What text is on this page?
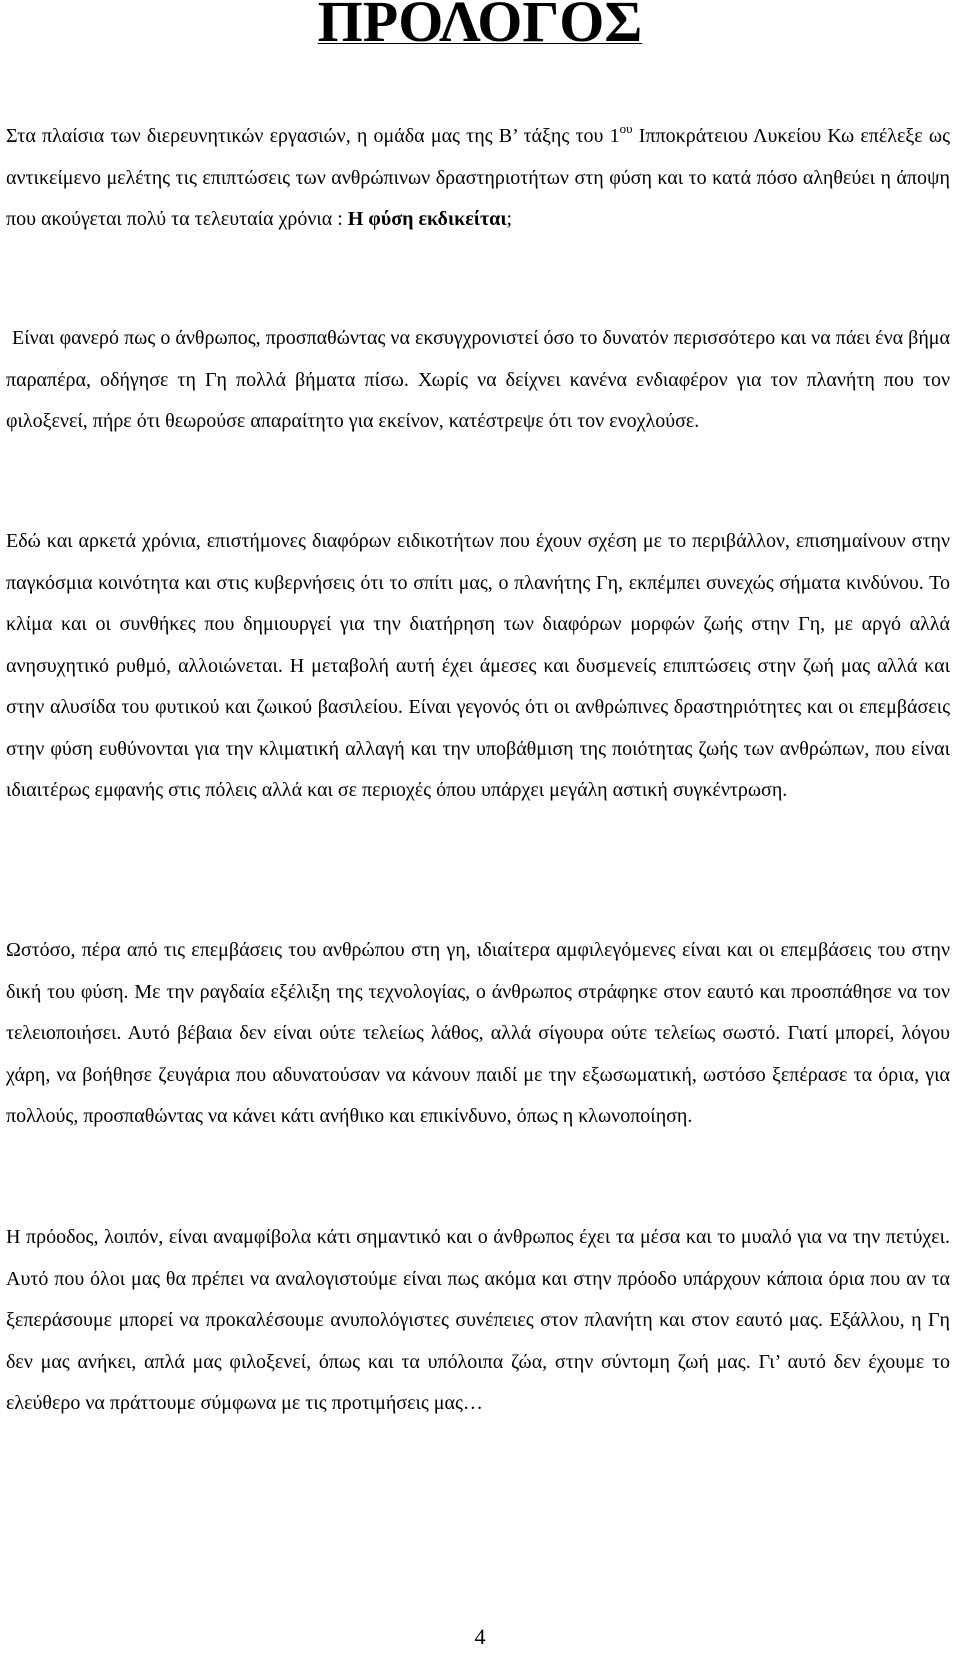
ΠΡΟΛΟΓΟΣ

Στα πλαίσια των διερευνητικών εργασιών, η ομάδα μας της Β’ τάξης του $1^{o\upsilon}$ Ιπποκράτειου Λυκείου Κω επέλεξε ως αντικείμενο μελέτης τις επιπτώσεις των ανθρώπινων δραστηριοτήτων στη φύση και το κατά πόσο αληθεύει η άποψη που ακούγεται πολύ τα τελευταία χρόνια : Η φύση εκδικείται;

Είναι φανερό πως ο άνθρωπος, προσπαθώντας να εκσυγχρονιστεί όσο το δυνατόν περισσότερο και να πάει ένα βήμα παραπέρα, οδήγησε τη Γη πολλά βήματα πίσω. Χωρίς να δείχνει κανένα ενδιαφέρον για τον πλανήτη που τον φιλοξενεί, πήρε ότι θεωρούσε απαραίτητο για εκείνον, κατέστρεψε ότι τον ενοχλούσε.

Εδώ και αρκετά χρόνια, επιστήμονες διαφόρων ειδικοτήτων που έχουν σχέση με το περιβάλλον, επισημαίνουν στην παγκόσμια κοινότητα και στις κυβερνήσεις ότι το σπίτι μας, ο πλανήτης Γη, εκπέμπει συνεχώς σήματα κινδύνου. Το κλίμα και οι συνθήκες που δημιουργεί για την διατήρηση των διαφόρων μορφών ζωής στην Γη, με αργό αλλά ανησυχητικό ρυθμό, αλλοιώνεται. Η μεταβολή αυτή έχει άμεσες και δυσμενείς επιπτώσεις στην ζωή μας αλλά και στην αλυσίδα του φυτικού και ζωικού βασιλείου. Είναι γεγονός ότι οι ανθρώπινες δραστηριότητες και οι επεμβάσεις στην φύση ευθύνονται για την κλιματική αλλαγή και την υποβάθμιση της ποιότητας ζωής των ανθρώπων, που είναι ιδιαιτέρως εμφανής στις πόλεις αλλά και σε περιοχές όπου υπάρχει μεγάλη αστική συγκέντρωση.

Ωστόσο, πέρα από τις επεμβάσεις του ανθρώπου στη γη, ιδιαίτερα αμφιλεγόμενες είναι και οι επεμβάσεις του στην δική του φύση. Με την ραγδαία εξέλιξη της τεχνολογίας, ο άνθρωπος στράφηκε στον εαυτό και προσπάθησε να τον τελειοποιήσει. Αυτό βέβαια δεν είναι ούτε τελείως λάθος, αλλά σίγουρα ούτε τελείως σωστό. Γιατί μπορεί, λόγου χάρη, να βοήθησε ζευγάρια που αδυνατούσαν να κάνουν παιδί με την εξωσωματική, ωστόσο ξεπέρασε τα όρια, για πολλούς, προσπαθώντας να κάνει κάτι ανήθικο και επικίνδυνο, όπως η κλωνοποίηση.

Η πρόοδος, λοιπόν, είναι αναμφίβολα κάτι σημαντικό και ο άνθρωπος έχει τα μέσα και το μυαλό για να την πετύχει. Αυτό που όλοι μας θα πρέπει να αναλογιστούμε είναι πως ακόμα και στην πρόοδο υπάρχουν κάποια όρια που αν τα ξεπεράσουμε μπορεί να προκαλέσουμε ανυπολόγιστες συνέπειες στον πλανήτη και στον εαυτό μας. Εξάλλου, η Γη δεν μας ανήκει, απλά μας φιλοξενεί, όπως και τα υπόλοιπα ζώα, στην σύντομη ζωή μας. Γι’ αυτό δεν έχουμε το ελεύθερο να πράττουμε σύμφωνα με τις προτιμήσεις μας…

4
